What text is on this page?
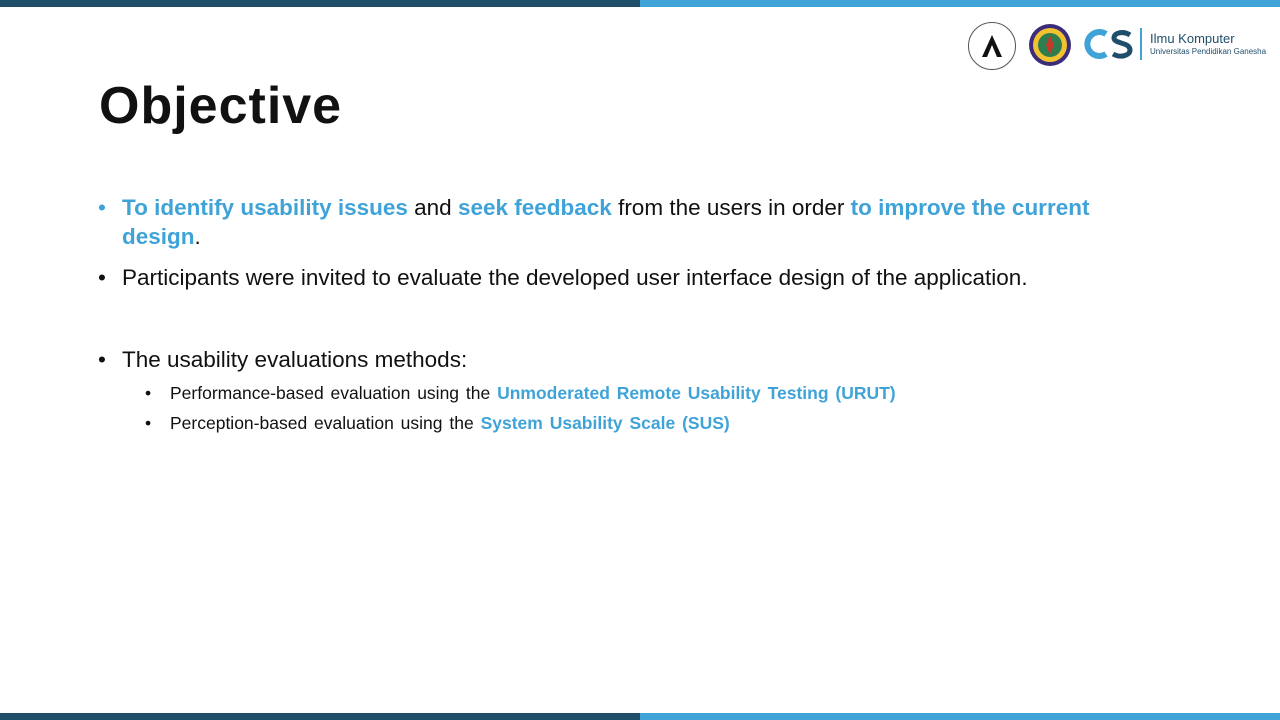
Ilmu Komputer
Universitas Pendidikan Ganesha
Objective
• To identify usability issues and seek feedback from the users in order to improve the current design.
• Participants were invited to evaluate the developed user interface design of the application.
• The usability evaluations methods:
• Performance-based evaluation using the Unmoderated Remote Usability Testing (URUT)
• Perception-based evaluation using the System Usability Scale (SUS)
